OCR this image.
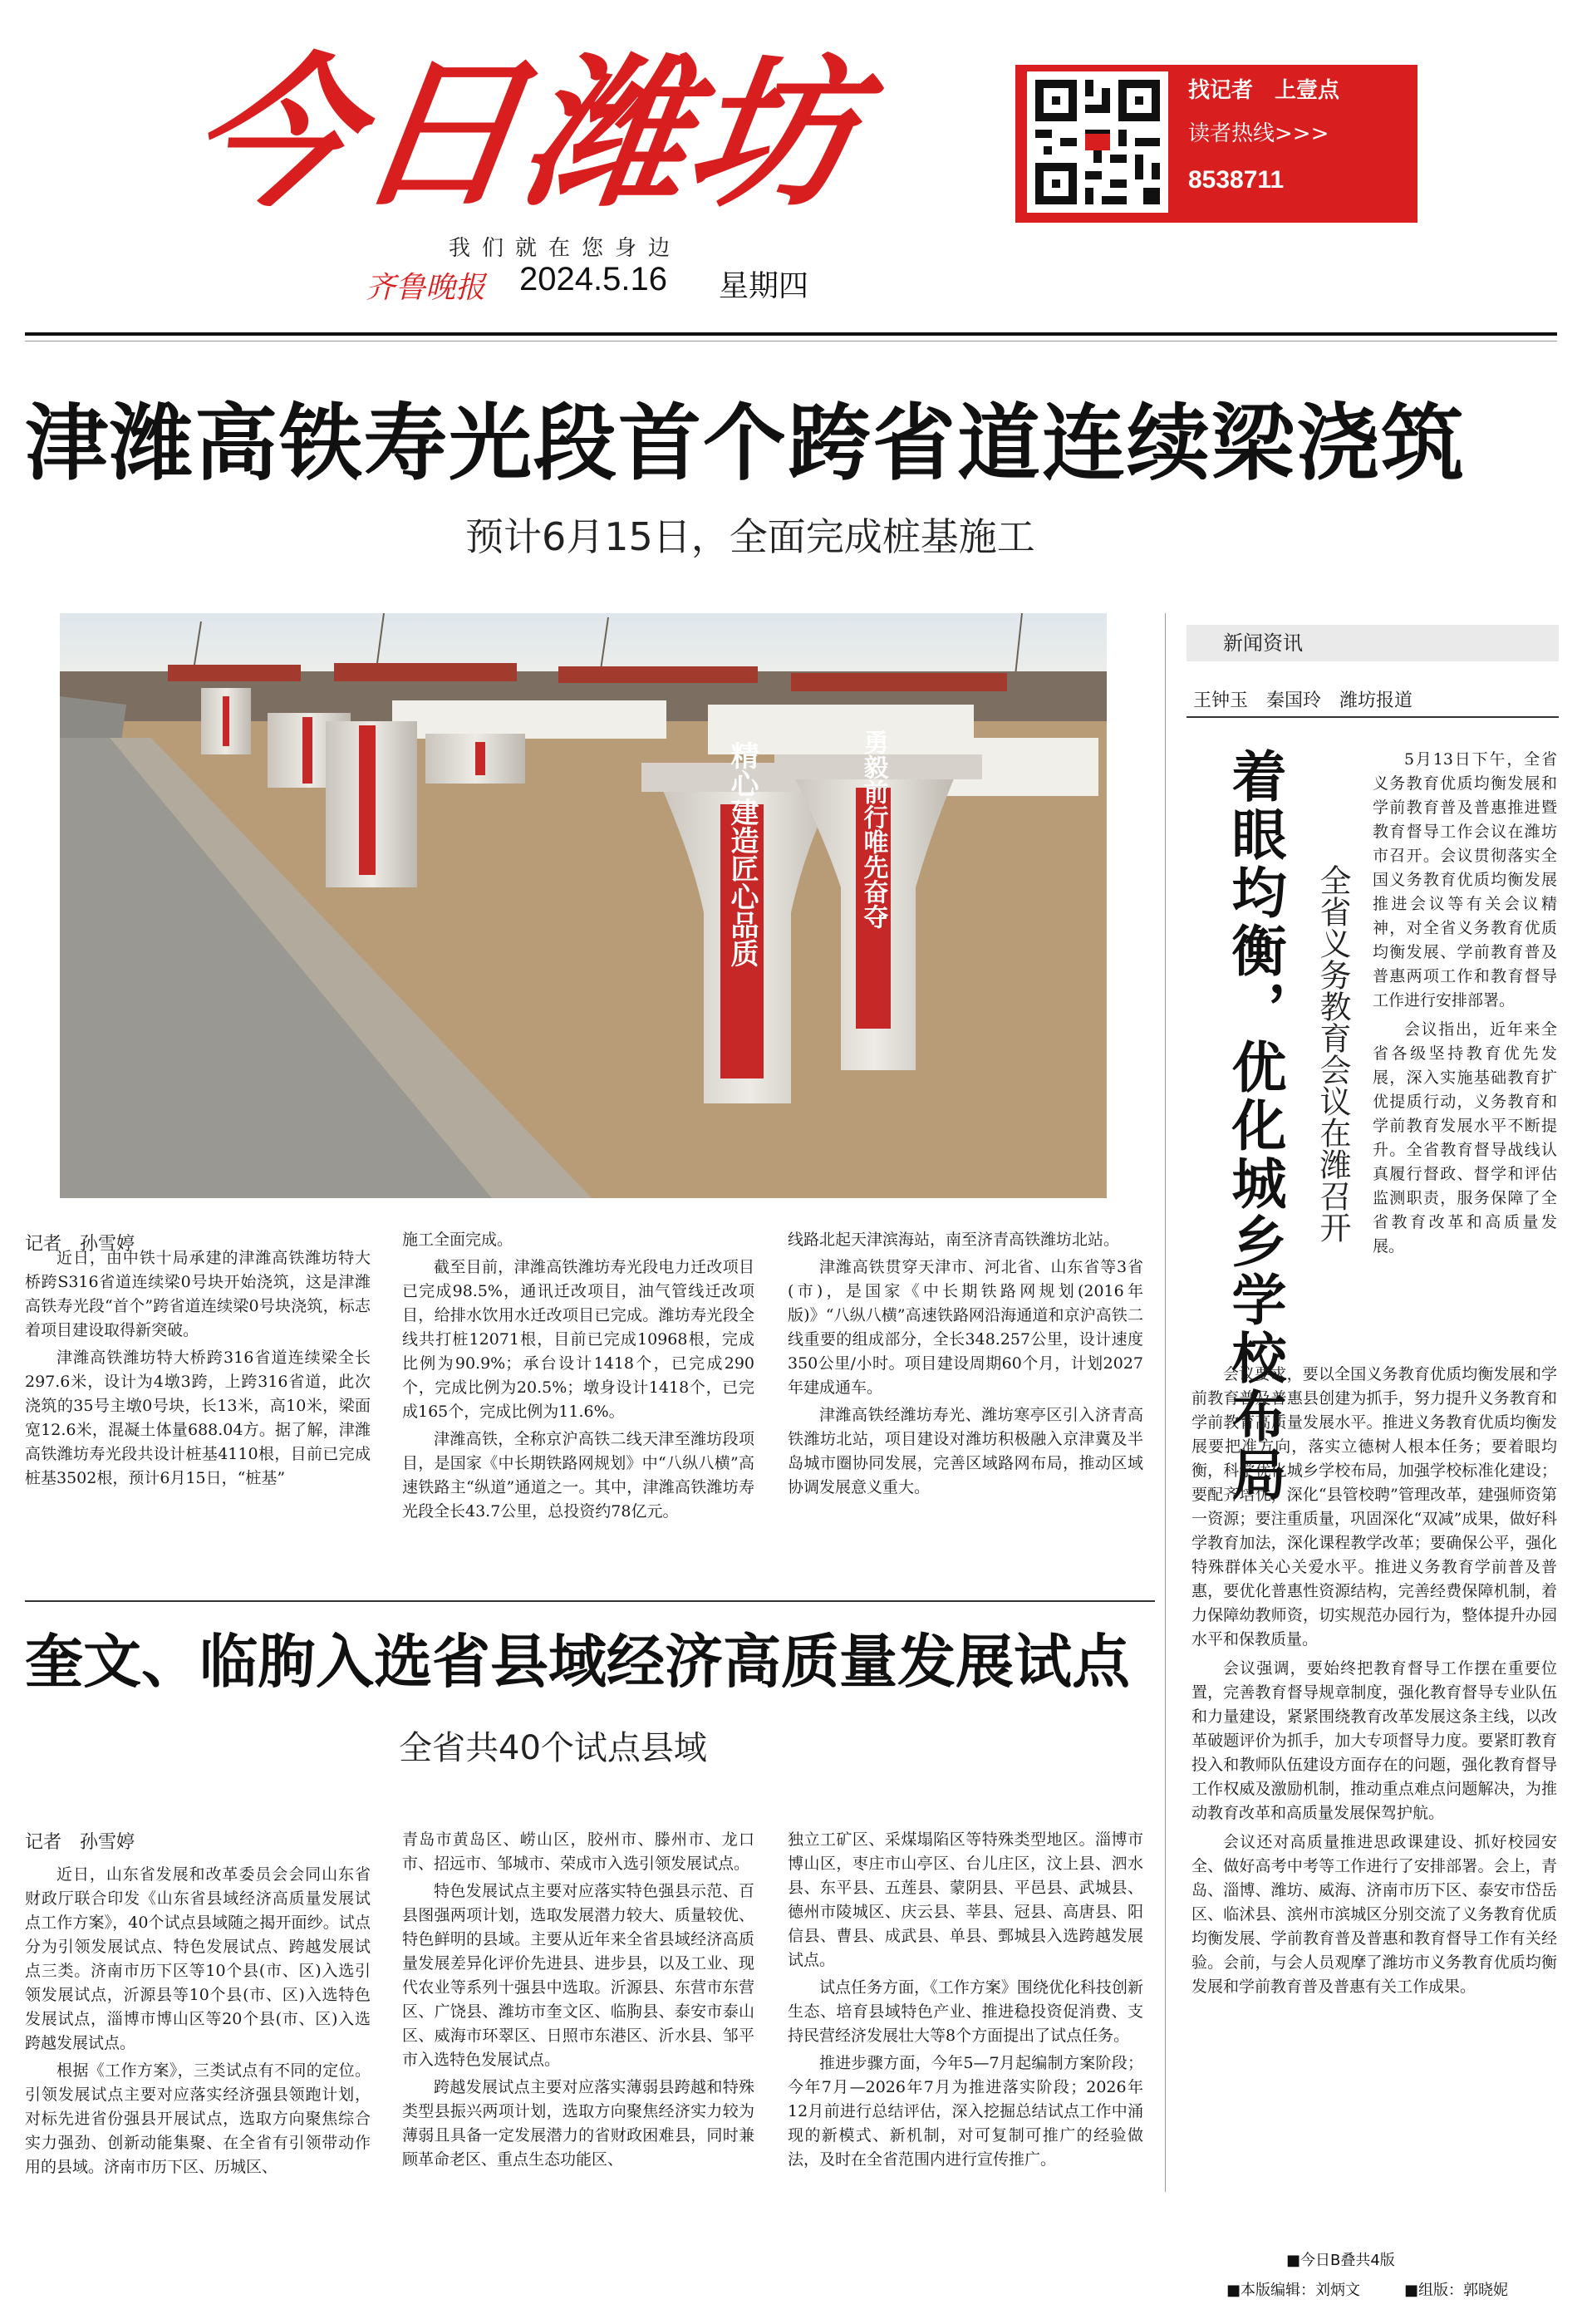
今日潍坊
我们就在您身边
齐鲁晚报 2024.5.16 星期四
找记者　上壹点
读者热线>>>
8538711
津潍高铁寿光段首个跨省道连续梁浇筑
预计6月15日，全面完成桩基施工
精心建造匠心品质	勇毅前行唯先奋夺
记者　孙雪婷

近日，由中铁十局承建的津潍高铁潍坊特大桥跨S316省道连续梁0号块开始浇筑，这是津潍高铁寿光段“首个”跨省道连续梁0号块浇筑，标志着项目建设取得新突破。

津潍高铁潍坊特大桥跨316省道连续梁全长297.6米，设计为4墩3跨，上跨316省道，此次浇筑的35号主墩0号块，长13米，高10米，梁面宽12.6米，混凝土体量688.04方。据了解，津潍高铁潍坊寿光段共设计桩基4110根，目前已完成桩基3502根，预计6月15日，“桩基”

施工全面完成。

截至目前，津潍高铁潍坊寿光段电力迁改项目已完成98.5%，通讯迁改项目，油气管线迁改项目，给排水饮用水迁改项目已完成。潍坊寿光段全线共打桩12071根，目前已完成10968根，完成比例为90.9%；承台设计1418个，已完成290个，完成比例为20.5%；墩身设计1418个，已完成165个，完成比例为11.6%。

津潍高铁，全称京沪高铁二线天津至潍坊段项目，是国家《中长期铁路网规划》中“八纵八横”高速铁路主“纵道”通道之一。其中，津潍高铁潍坊寿光段全长43.7公里，总投资约78亿元。

线路北起天津滨海站，南至济青高铁潍坊北站。

津潍高铁贯穿天津市、河北省、山东省等3省(市)，是国家《中长期铁路网规划(2016年版)》“八纵八横”高速铁路网沿海通道和京沪高铁二线重要的组成部分，全长348.257公里，设计速度350公里/小时。项目建设周期60个月，计划2027年建成通车。

津潍高铁经潍坊寿光、潍坊寒亭区引入济青高铁潍坊北站，项目建设对潍坊积极融入京津冀及半岛城市圈协同发展，完善区域路网布局，推动区域协调发展意义重大。

奎文、临朐入选省县域经济高质量发展试点
全省共40个试点县域
记者　孙雪婷

近日，山东省发展和改革委员会会同山东省财政厅联合印发《山东省县域经济高质量发展试点工作方案》，40个试点县域随之揭开面纱。试点分为引领发展试点、特色发展试点、跨越发展试点三类。济南市历下区等10个县(市、区)入选引领发展试点，沂源县等10个县(市、区)入选特色发展试点，淄博市博山区等20个县(市、区)入选跨越发展试点。

根据《工作方案》，三类试点有不同的定位。引领发展试点主要对应落实经济强县领跑计划，对标先进省份强县开展试点，选取方向聚焦综合实力强劲、创新动能集聚、在全省有引领带动作用的县域。济南市历下区、历城区、

青岛市黄岛区、崂山区，胶州市、滕州市、龙口市、招远市、邹城市、荣成市入选引领发展试点。

特色发展试点主要对应落实特色强县示范、百县图强两项计划，选取发展潜力较大、质量较优、特色鲜明的县域。主要从近年来全省县域经济高质量发展差异化评价先进县、进步县，以及工业、现代农业等系列十强县中选取。沂源县、东营市东营区、广饶县、潍坊市奎文区、临朐县、泰安市泰山区、威海市环翠区、日照市东港区、沂水县、邹平市入选特色发展试点。

跨越发展试点主要对应落实薄弱县跨越和特殊类型县振兴两项计划，选取方向聚焦经济实力较为薄弱且具备一定发展潜力的省财政困难县，同时兼顾革命老区、重点生态功能区、

独立工矿区、采煤塌陷区等特殊类型地区。淄博市博山区，枣庄市山亭区、台儿庄区，汶上县、泗水县、东平县、五莲县、蒙阴县、平邑县、武城县、德州市陵城区、庆云县、莘县、冠县、高唐县、阳信县、曹县、成武县、单县、鄄城县入选跨越发展试点。

试点任务方面，《工作方案》围绕优化科技创新生态、培育县域特色产业、推进稳投资促消费、支持民营经济发展壮大等8个方面提出了试点任务。

推进步骤方面，今年5—7月起编制方案阶段；今年7月—2026年7月为推进落实阶段；2026年12月前进行总结评估，深入挖掘总结试点工作中涌现的新模式、新机制，对可复制可推广的经验做法，及时在全省范围内进行宣传推广。

新闻资讯
王钟玉　秦国玲　潍坊报道
着眼均衡，优化城乡学校布局 全省义务教育会议在潍召开

5月13日下午，全省义务教育优质均衡发展和学前教育普及普惠推进暨教育督导工作会议在潍坊市召开。会议贯彻落实全国义务教育优质均衡发展推进会议等有关会议精神，对全省义务教育优质均衡发展、学前教育普及普惠两项工作和教育督导工作进行安排部署。

会议指出，近年来全省各级坚持教育优先发展，深入实施基础教育扩优提质行动，义务教育和学前教育发展水平不断提升。全省教育督导战线认真履行督政、督学和评估监测职责，服务保障了全省教育改革和高质量发展。

会议要求，要以全国义务教育优质均衡发展和学前教育普及普惠县创建为抓手，努力提升义务教育和学前教育高质量发展水平。推进义务教育优质均衡发展要把准方向，落实立德树人根本任务；要着眼均衡，科学优化城乡学校布局，加强学校标准化建设；要配齐培优，深化“县管校聘”管理改革，建强师资第一资源；要注重质量，巩固深化“双减”成果，做好科学教育加法，深化课程教学改革；要确保公平，强化特殊群体关心关爱水平。推进义务教育学前普及普惠，要优化普惠性资源结构，完善经费保障机制，着力保障幼教师资，切实规范办园行为，整体提升办园水平和保教质量。

会议强调，要始终把教育督导工作摆在重要位置，完善教育督导规章制度，强化教育督导专业队伍和力量建设，紧紧围绕教育改革发展这条主线，以改革破题评价为抓手，加大专项督导力度。要紧盯教育投入和教师队伍建设方面存在的问题，强化教育督导工作权威及激励机制，推动重点难点问题解决，为推动教育改革和高质量发展保驾护航。

会议还对高质量推进思政课建设、抓好校园安全、做好高考中考等工作进行了安排部署。会上，青岛、淄博、潍坊、威海、济南市历下区、泰安市岱岳区、临沭县、滨州市滨城区分别交流了义务教育优质均衡发展、学前教育普及普惠和教育督导工作有关经验。会前，与会人员观摩了潍坊市义务教育优质均衡发展和学前教育普及普惠有关工作成果。

■今日B叠共4版
■本版编辑：刘炳文	■组版：郭晓妮
